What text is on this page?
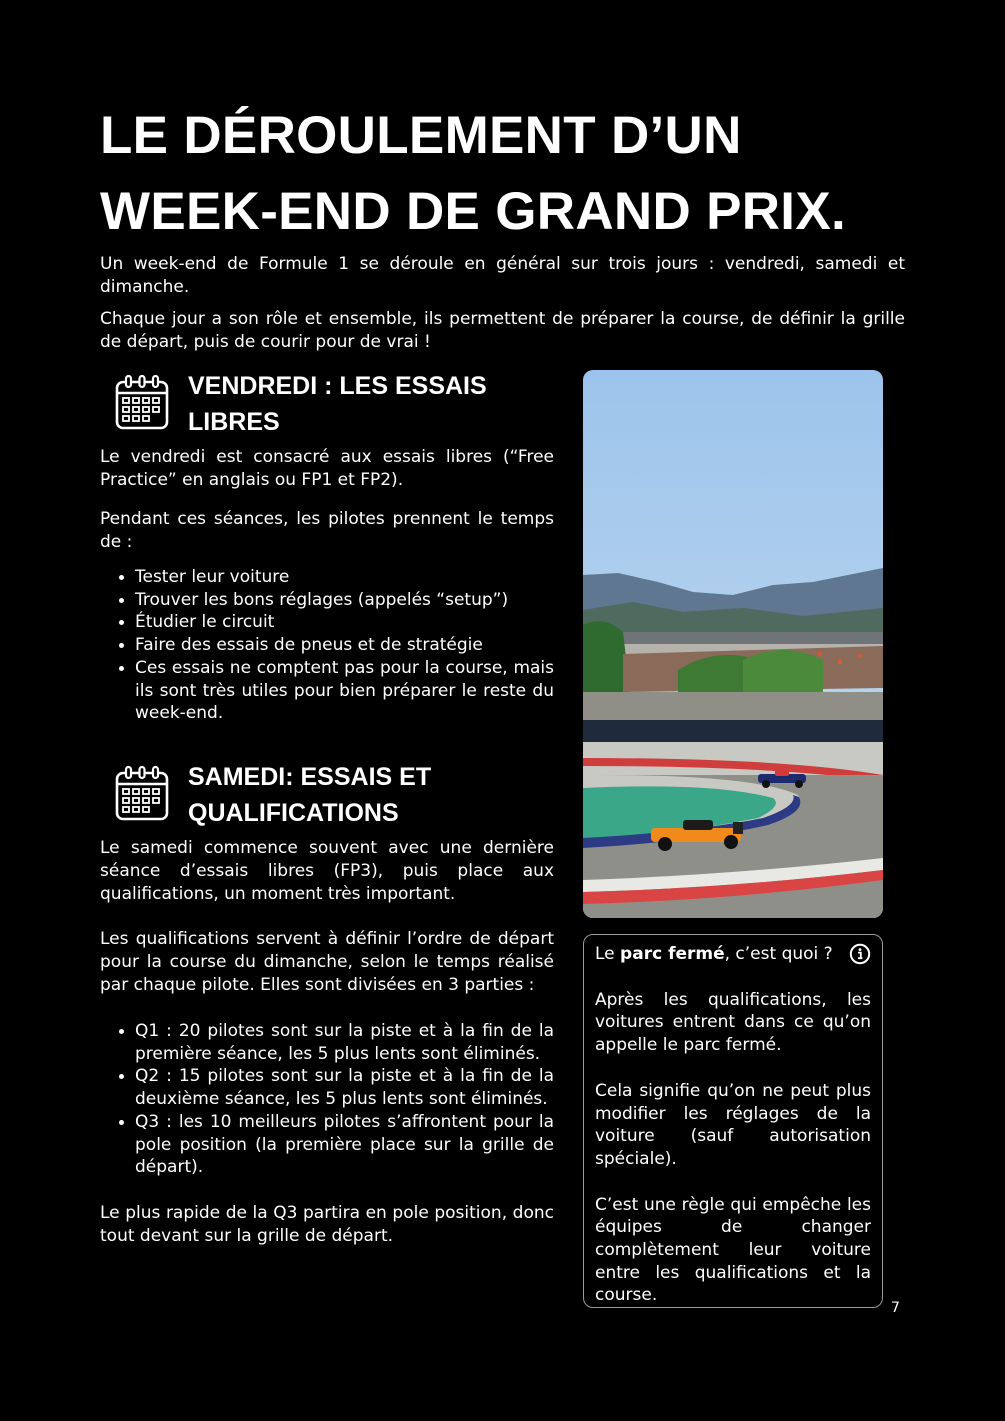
LE DÉROULEMENT D’UN
WEEK-END DE GRAND PRIX.

Un week-end de Formule 1 se déroule en général sur trois jours : vendredi, samedi et dimanche.

Chaque jour a son rôle et ensemble, ils permettent de préparer la course, de définir la grille de départ, puis de courir pour de vrai !

VENDREDI : LES ESSAIS
LIBRES

Le vendredi est consacré aux essais libres (“Free Practice” en anglais ou FP1 et FP2).

Pendant ces séances, les pilotes prennent le temps de :

• Tester leur voiture
• Trouver les bons réglages (appelés “setup”)
• Étudier le circuit
• Faire des essais de pneus et de stratégie
• Ces essais ne comptent pas pour la course, mais ils sont très utiles pour bien préparer le reste du week-end.
SAMEDI: ESSAIS ET
QUALIFICATIONS

Le samedi commence souvent avec une dernière séance d’essais libres (FP3), puis place aux qualifications, un moment très important.

Les qualifications servent à définir l’ordre de départ pour la course du dimanche, selon le temps réalisé par chaque pilote. Elles sont divisées en 3 parties :

• Q1 : 20 pilotes sont sur la piste et à la fin de la première séance, les 5 plus lents sont éliminés.
• Q2 : 15 pilotes sont sur la piste et à la fin de la deuxième séance, les 5 plus lents sont éliminés.
• Q3 : les 10 meilleurs pilotes s’affrontent pour la pole position (la première place sur la grille de départ).

Le plus rapide de la Q3 partira en pole position, donc tout devant sur la grille de départ.

Le parc fermé, c’est quoi ?

Après les qualifications, les voitures entrent dans ce qu’on appelle le parc fermé.

Cela signifie qu’on ne peut plus modifier les réglages de la voiture (sauf autorisation spéciale).

C’est une règle qui empêche les équipes de changer complètement leur voiture entre les qualifications et la course.

7
